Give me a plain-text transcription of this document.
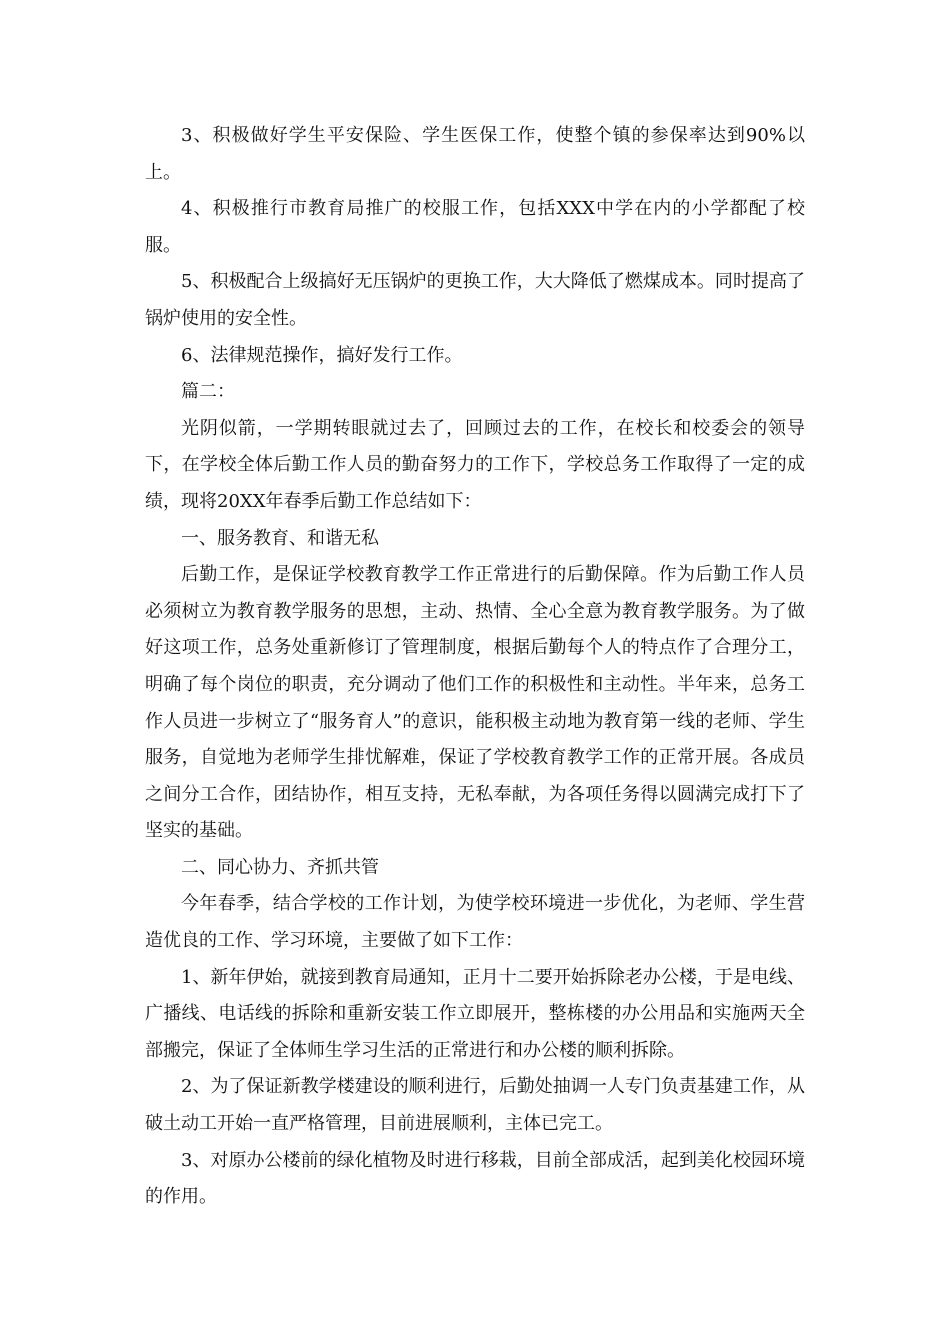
3、积极做好学生平安保险、学生医保工作，使整个镇的参保率达到90%以上。

4、积极推行市教育局推广的校服工作，包括XXX中学在内的小学都配了校服。

5、积极配合上级搞好无压锅炉的更换工作，大大降低了燃煤成本。同时提高了锅炉使用的安全性。

6、法律规范操作，搞好发行工作。

篇二：

光阴似箭，一学期转眼就过去了，回顾过去的工作，在校长和校委会的领导下，在学校全体后勤工作人员的勤奋努力的工作下，学校总务工作取得了一定的成绩，现将20XX年春季后勤工作总结如下：

一、服务教育、和谐无私

后勤工作，是保证学校教育教学工作正常进行的后勤保障。作为后勤工作人员必须树立为教育教学服务的思想，主动、热情、全心全意为教育教学服务。为了做好这项工作，总务处重新修订了管理制度，根据后勤每个人的特点作了合理分工，明确了每个岗位的职责，充分调动了他们工作的积极性和主动性。半年来，总务工作人员进一步树立了“服务育人”的意识，能积极主动地为教育第一线的老师、学生服务，自觉地为老师学生排忧解难，保证了学校教育教学工作的正常开展。各成员之间分工合作，团结协作，相互支持，无私奉献，为各项任务得以圆满完成打下了坚实的基础。

二、同心协力、齐抓共管

今年春季，结合学校的工作计划，为使学校环境进一步优化，为老师、学生营造优良的工作、学习环境，主要做了如下工作：

1、新年伊始，就接到教育局通知，正月十二要开始拆除老办公楼，于是电线、广播线、电话线的拆除和重新安装工作立即展开，整栋楼的办公用品和实施两天全部搬完，保证了全体师生学习生活的正常进行和办公楼的顺利拆除。

2、为了保证新教学楼建设的顺利进行，后勤处抽调一人专门负责基建工作，从破土动工开始一直严格管理，目前进展顺利，主体已完工。

3、对原办公楼前的绿化植物及时进行移栽，目前全部成活，起到美化校园环境的作用。
